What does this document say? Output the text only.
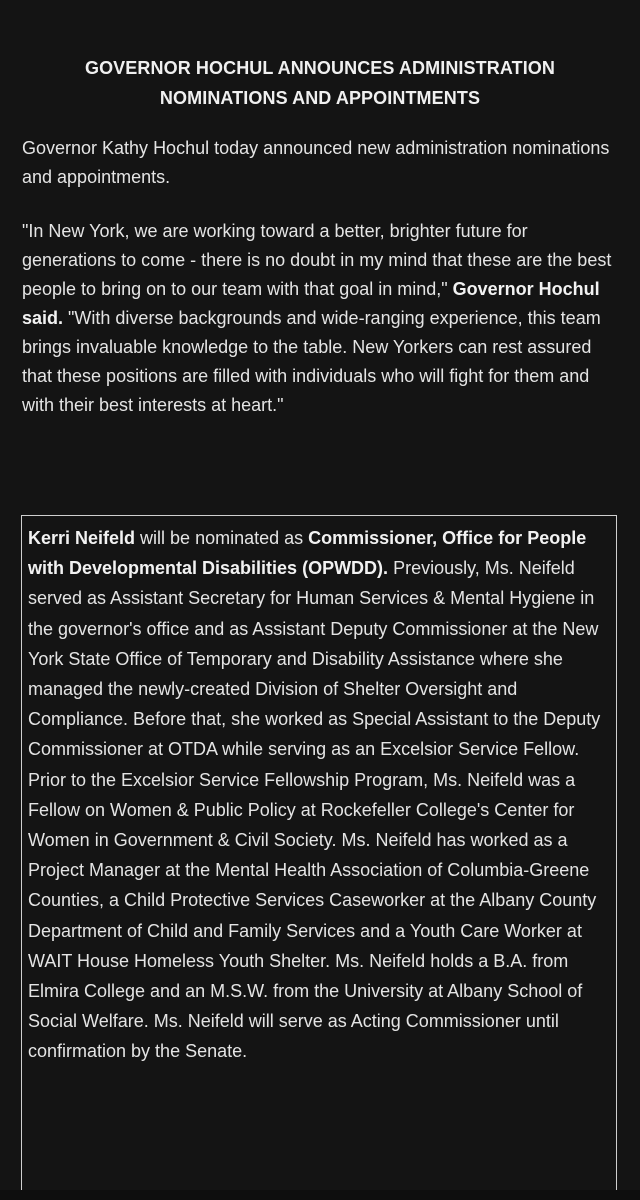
GOVERNOR HOCHUL ANNOUNCES ADMINISTRATION
NOMINATIONS AND APPOINTMENTS

Governor Kathy Hochul today announced new administration nominations and appointments.

"In New York, we are working toward a better, brighter future for generations to come - there is no doubt in my mind that these are the best people to bring on to our team with that goal in mind," Governor Hochul said. "With diverse backgrounds and wide-ranging experience, this team brings invaluable knowledge to the table. New Yorkers can rest assured that these positions are filled with individuals who will fight for them and with their best interests at heart."

Kerri Neifeld will be nominated as Commissioner, Office for People with Developmental Disabilities (OPWDD). Previously, Ms. Neifeld served as Assistant Secretary for Human Services & Mental Hygiene in the governor's office and as Assistant Deputy Commissioner at the New York State Office of Temporary and Disability Assistance where she managed the newly-created Division of Shelter Oversight and Compliance. Before that, she worked as Special Assistant to the Deputy Commissioner at OTDA while serving as an Excelsior Service Fellow. Prior to the Excelsior Service Fellowship Program, Ms. Neifeld was a Fellow on Women & Public Policy at Rockefeller College's Center for Women in Government & Civil Society. Ms. Neifeld has worked as a Project Manager at the Mental Health Association of Columbia-Greene Counties, a Child Protective Services Caseworker at the Albany County Department of Child and Family Services and a Youth Care Worker at WAIT House Homeless Youth Shelter. Ms. Neifeld holds a B.A. from Elmira College and an M.S.W. from the University at Albany School of Social Welfare. Ms. Neifeld will serve as Acting Commissioner until confirmation by the Senate.
